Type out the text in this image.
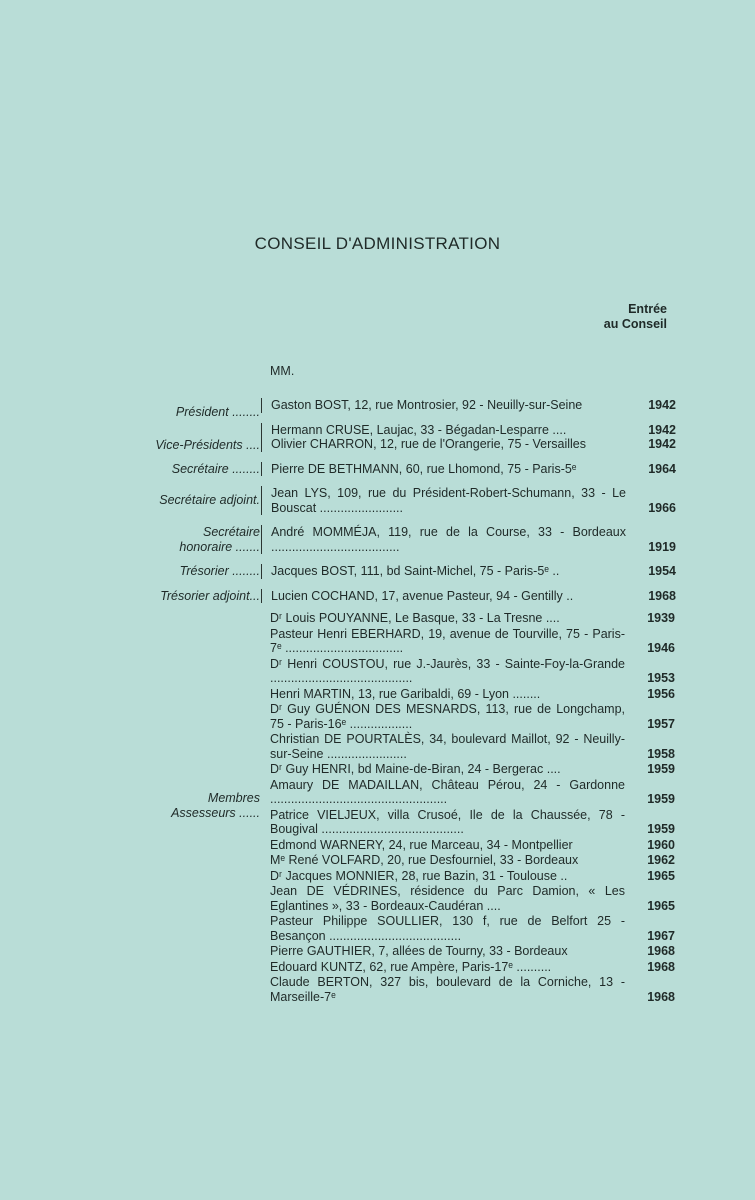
CONSEIL D'ADMINISTRATION
Entrée
au Conseil
MM.
Président ........ Gaston BOST, 12, rue Montrosier, 92 - Neuilly-sur-Seine	1942
Vice-Présidents ....
Hermann CRUSE, Laujac, 33 - Bégadan-Lesparre ....	1942
Olivier CHARRON, 12, rue de l'Orangerie, 75 - Versailles	1942
Secrétaire ........ Pierre DE BETHMANN, 60, rue Lhomond, 75 - Paris-5ᵉ	1964
Secrétaire adjoint. Jean LYS, 109, rue du Président-Robert-Schumann, 33 - Le Bouscat ........................	1966
Secrétaire
honoraire .......
André MOMMÉJA, 119, rue de la Course, 33 - Bordeaux .....................................	1919
Trésorier ........ Jacques BOST, 111, bd Saint-Michel, 75 - Paris-5ᵉ ..	1954
Trésorier adjoint... Lucien COCHAND, 17, avenue Pasteur, 94 - Gentilly ..	1968
Membres
Assesseurs ......
Dʳ Louis POUYANNE, Le Basque, 33 - La Tresne ....	1939
Pasteur Henri EBERHARD, 19, avenue de Tourville, 75 - Paris-7ᵉ ..................................	1946
Dʳ Henri COUSTOU, rue J.-Jaurès, 33 - Sainte-Foy-la-Grande .........................................	1953
Henri MARTIN, 13, rue Garibaldi, 69 - Lyon ........	1956
Dʳ Guy GUÉNON DES MESNARDS, 113, rue de Longchamp, 75 - Paris-16ᵉ ..................	1957
Christian DE POURTALÈS, 34, boulevard Maillot, 92 - Neuilly-sur-Seine .......................	1958
Dʳ Guy HENRI, bd Maine-de-Biran, 24 - Bergerac ....	1959
Amaury DE MADAILLAN, Château Pérou, 24 - Gardonne ...................................................	1959
Patrice VIELJEUX, villa Crusoé, Ile de la Chaussée, 78 - Bougival .........................................	1959
Edmond WARNERY, 24, rue Marceau, 34 - Montpellier	1960
Mᵉ René VOLFARD, 20, rue Desfourniel, 33 - Bordeaux	1962
Dʳ Jacques MONNIER, 28, rue Bazin, 31 - Toulouse ..	1965
Jean DE VÉDRINES, résidence du Parc Damion, « Les Eglantines », 33 - Bordeaux-Caudéran ....	1965
Pasteur Philippe SOULLIER, 130 f, rue de Belfort 25 - Besançon ......................................	1967
Pierre GAUTHIER, 7, allées de Tourny, 33 - Bordeaux	1968
Edouard KUNTZ, 62, rue Ampère, Paris-17ᵉ ..........	1968
Claude BERTON, 327 bis, boulevard de la Corniche, 13 - Marseille-7ᵉ	1968
